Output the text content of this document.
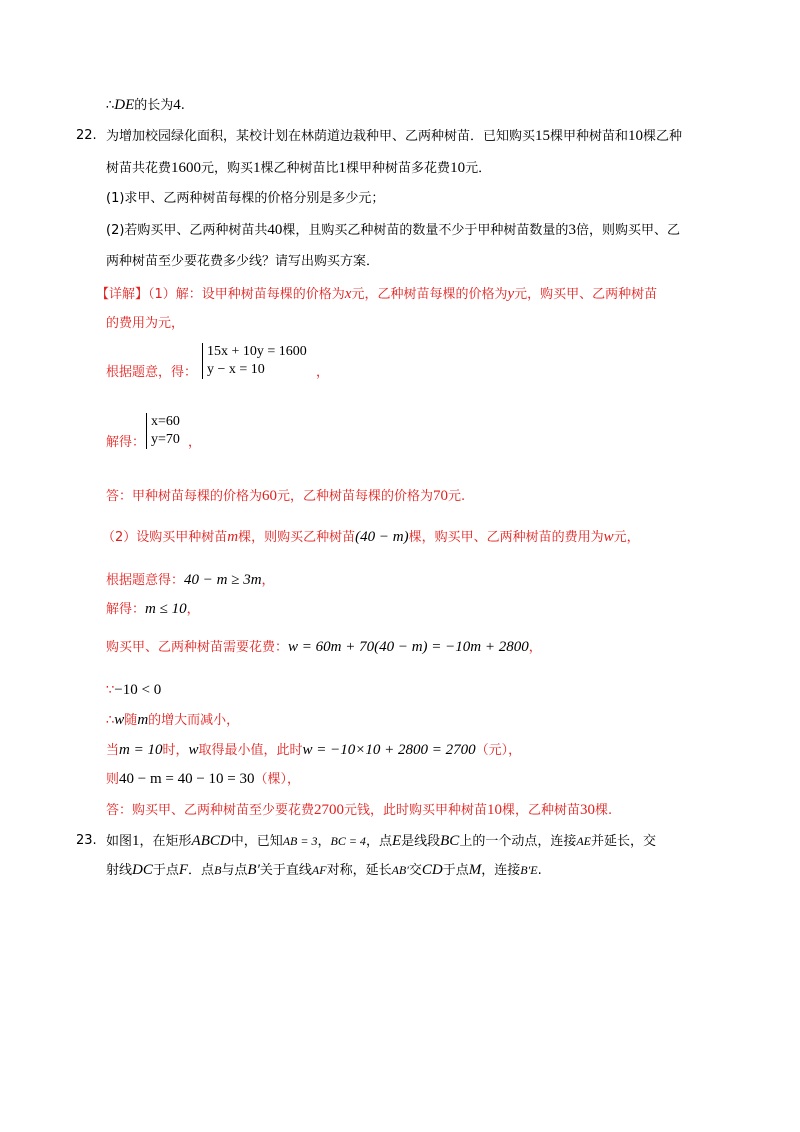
∴DE的长为4.
22. 为增加校园绿化面积，某校计划在林荫道边栽种甲、乙两种树苗．已知购买15棵甲种树苗和10棵乙种
树苗共花费1600元，购买1棵乙种树苗比1棵甲种树苗多花费10元．
(1)求甲、乙两种树苗每棵的价格分别是多少元；
(2)若购买甲、乙两种树苗共40棵，且购买乙种树苗的数量不少于甲种树苗数量的3倍，则购买甲、乙
两种树苗至少要花费多少线？请写出购买方案．
【详解】（1）解：设甲种树苗每棵的价格为x元，乙种树苗每棵的价格为y元，购买甲、乙两种树苗
的费用为元，
根据题意，得：
15x + 10y = 1600
y − x = 10	，
解得：
x=60
y=70 ，
答：甲种树苗每棵的价格为60元，乙种树苗每棵的价格为70元.
（2）设购买甲种树苗m棵，则购买乙种树苗(40 − m)棵，购买甲、乙两种树苗的费用为w元，
根据题意得：40 − m ≥ 3m，
解得：m ≤ 10，
购买甲、乙两种树苗需要花费：w = 60m + 70(40 − m) = −10m + 2800，
∵−10 < 0
∴w随m的增大而减小，
当m = 10时，w取得最小值，此时w = −10×10 + 2800 = 2700（元），
则40 − m = 40 − 10 = 30（棵），
答：购买甲、乙两种树苗至少要花费2700元钱，此时购买甲种树苗10棵，乙种树苗30棵.
23. 如图1，在矩形ABCD中，已知AB = 3，BC = 4，点E是线段BC上的一个动点，连接AE并延长，交
射线DC于点F．点B与点B′关于直线AF对称，延长AB′交CD于点M，连接B′E.
